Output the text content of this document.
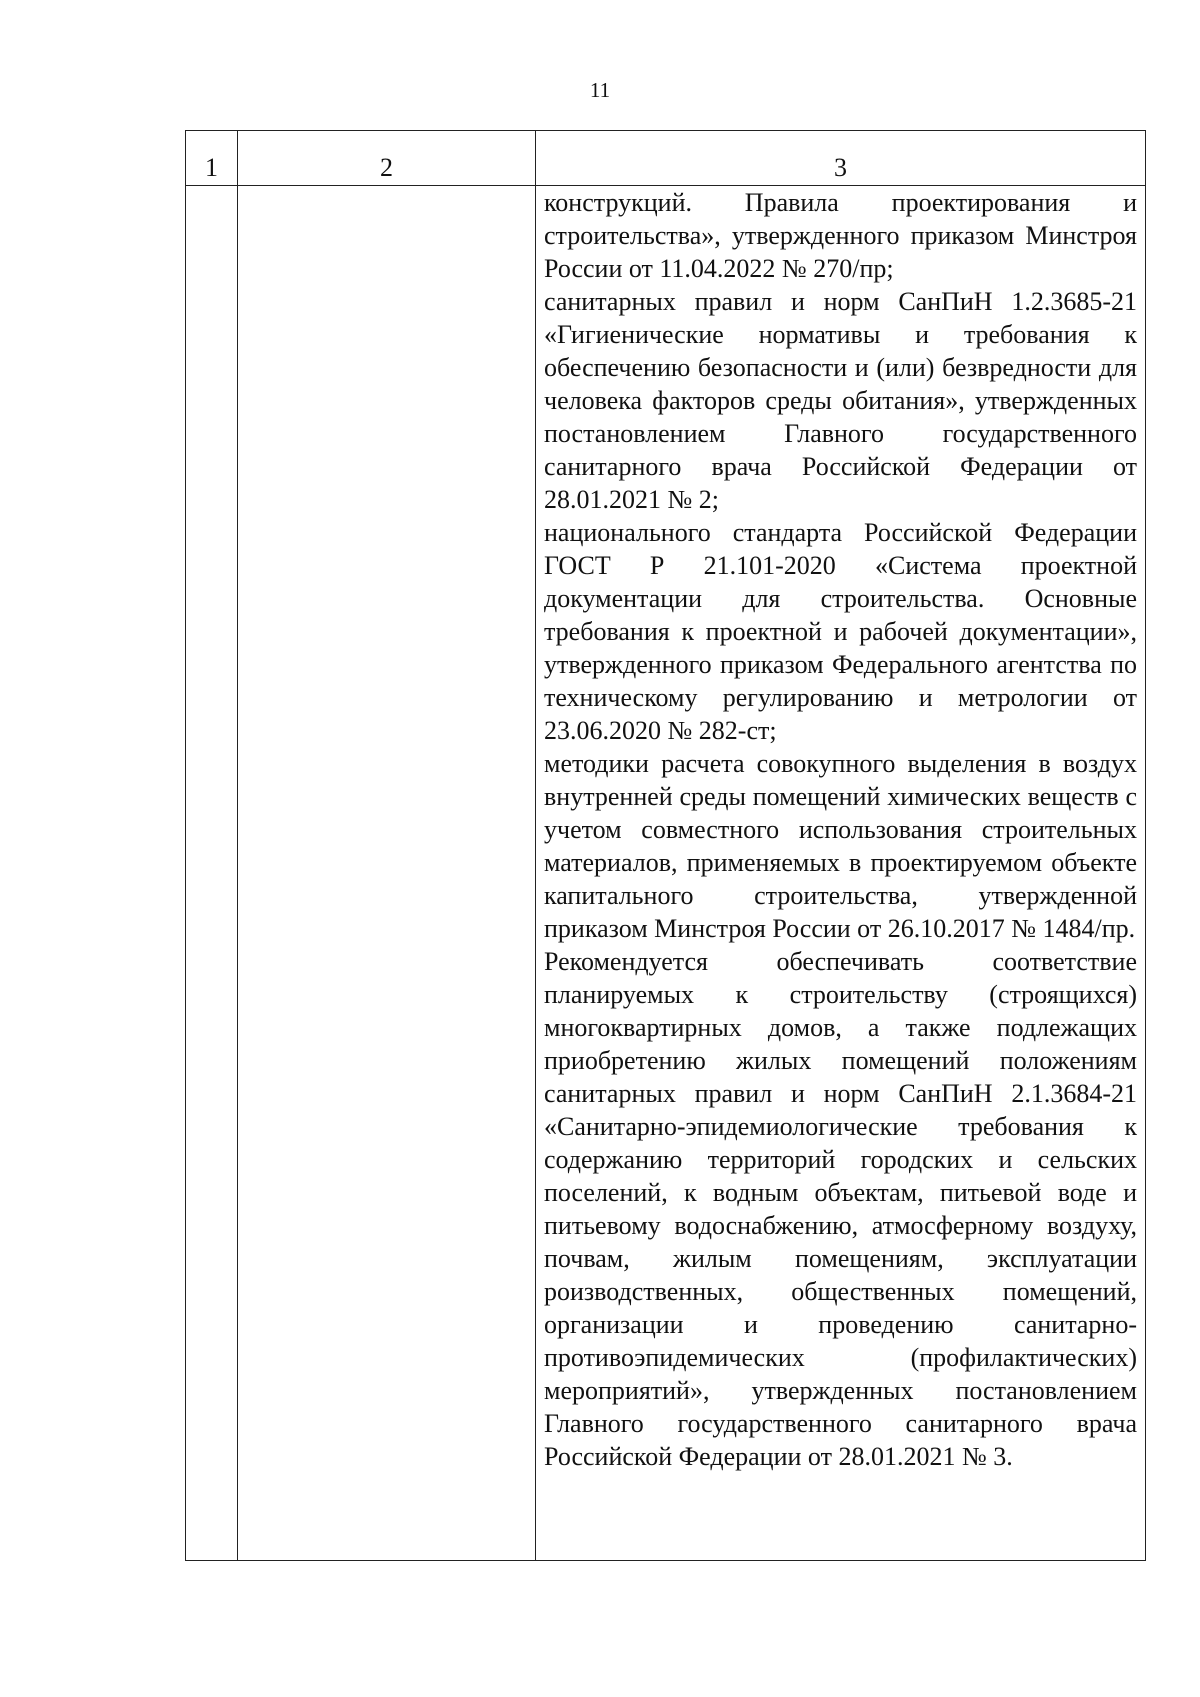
11
1	2	3

		конструкций. Правила проектирования и строительства», утвержденного приказом Минстроя России от 11.04.2022 № 270/пр;

санитарных правил и норм СанПиН 1.2.3685-21 «Гигиенические нормативы и требования к обеспечению безопасности и (или) безвредности для человека факторов среды обитания», утвержденных постановлением Главного государственного санитарного врача Российской Федерации от 28.01.2021 № 2;

национального стандарта Российской Федерации ГОСТ Р 21.101-2020 «Система проектной документации для строительства. Основные требования к проектной и рабочей документации», утвержденного приказом Федерального агентства по техническому регулированию и метрологии от 23.06.2020 № 282-ст;

методики расчета совокупного выделения в воздух внутренней среды помещений химических веществ с учетом совместного использования строительных материалов, применяемых в проектируемом объекте капитального строительства, утвержденной приказом Минстроя России от 26.10.2017 № 1484/пр.

Рекомендуется обеспечивать соответствие планируемых к строительству (строящихся) многоквартирных домов, а также подлежащих приобретению жилых помещений положениям санитарных правил и норм СанПиН 2.1.3684-21 «Санитарно-эпидемиологические требования к содержанию территорий городских и сельских поселений, к водным объектам, питьевой воде и питьевому водоснабжению, атмосферному воздуху, почвам, жилым помещениям, эксплуатации роизводственных, общественных помещений, организации и проведению санитарно-противоэпидемических (профилактических) мероприятий», утвержденных постановлением Главного государственного санитарного врача Российской Федерации от 28.01.2021 № 3.
